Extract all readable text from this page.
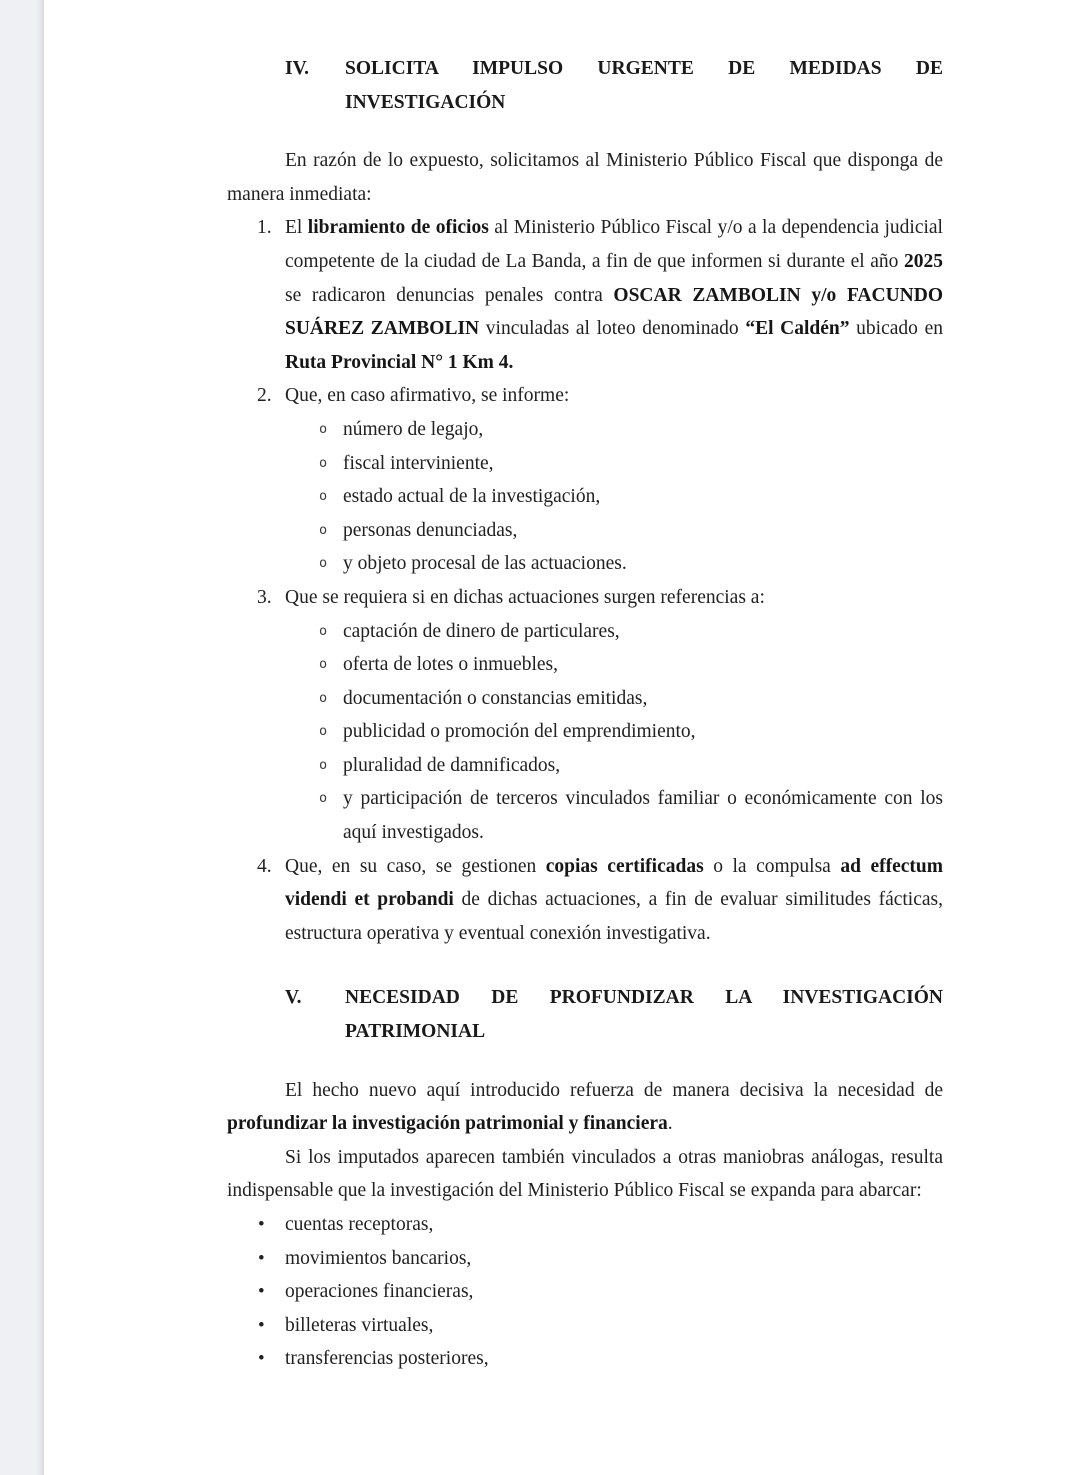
IV. SOLICITA IMPULSO URGENTE DE MEDIDAS DE
INVESTIGACIÓN

En razón de lo expuesto, solicitamos al Ministerio Público Fiscal que disponga de manera inmediata:

1. El libramiento de oficios al Ministerio Público Fiscal y/o a la dependencia judicial competente de la ciudad de La Banda, a fin de que informen si durante el año 2025 se radicaron denuncias penales contra OSCAR ZAMBOLIN y/o FACUNDO SUÁREZ ZAMBOLIN vinculadas al loteo denominado “El Caldén” ubicado en Ruta Provincial N° 1 Km 4.
2. Que, en caso afirmativo, se informe:
o número de legajo,
o fiscal interviniente,
o estado actual de la investigación,
o personas denunciadas,
o y objeto procesal de las actuaciones.
3. Que se requiera si en dichas actuaciones surgen referencias a:
o captación de dinero de particulares,
o oferta de lotes o inmuebles,
o documentación o constancias emitidas,
o publicidad o promoción del emprendimiento,
o pluralidad de damnificados,
o y participación de terceros vinculados familiar o económicamente con los aquí investigados.
4. Que, en su caso, se gestionen copias certificadas o la compulsa ad effectum videndi et probandi de dichas actuaciones, a fin de evaluar similitudes fácticas, estructura operativa y eventual conexión investigativa.
V. NECESIDAD DE PROFUNDIZAR LA INVESTIGACIÓN
PATRIMONIAL

El hecho nuevo aquí introducido refuerza de manera decisiva la necesidad de profundizar la investigación patrimonial y financiera.

Si los imputados aparecen también vinculados a otras maniobras análogas, resulta indispensable que la investigación del Ministerio Público Fiscal se expanda para abarcar:

• cuentas receptoras,
• movimientos bancarios,
• operaciones financieras,
• billeteras virtuales,
• transferencias posteriores,
